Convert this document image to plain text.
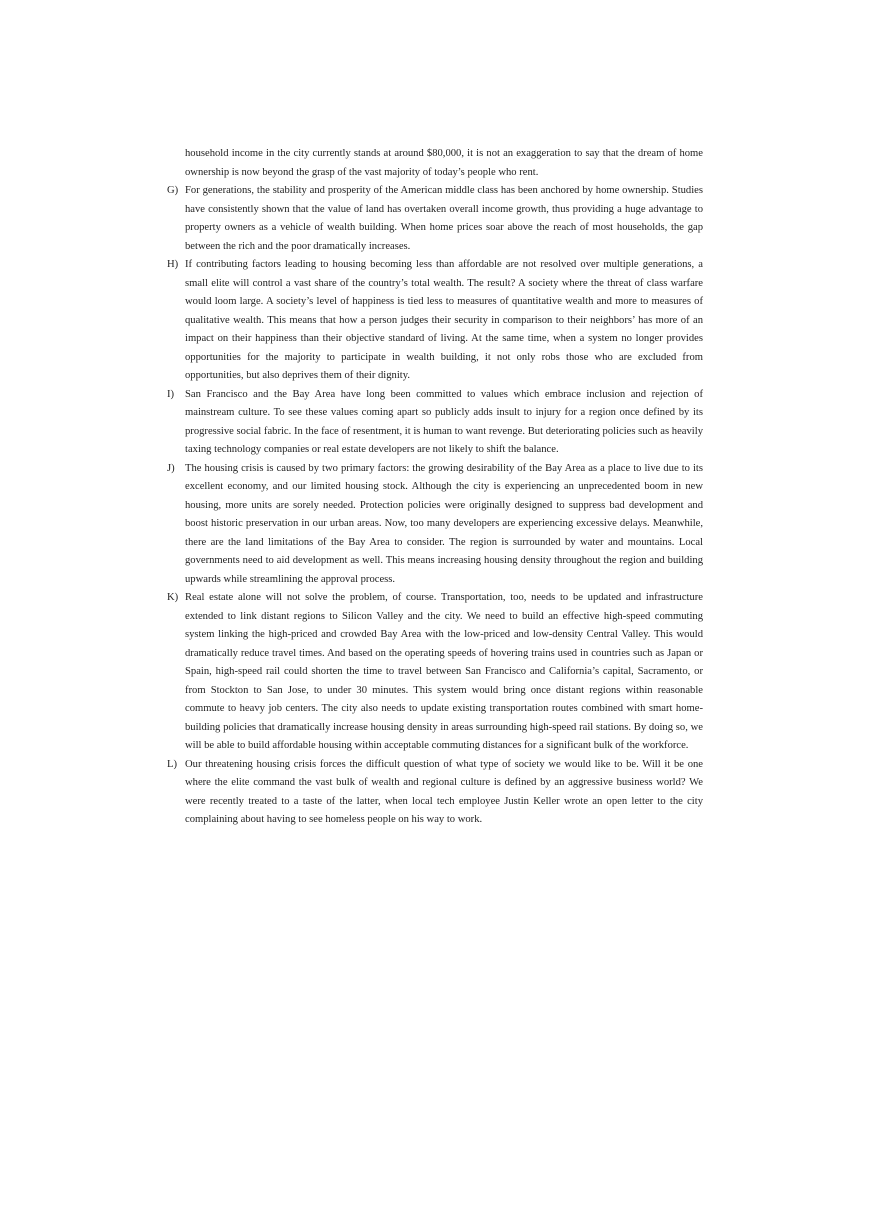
household income in the city currently stands at around $80,000, it is not an exaggeration to say that the dream of home ownership is now beyond the grasp of the vast majority of today’s people who rent.

G) For generations, the stability and prosperity of the American middle class has been anchored by home ownership. Studies have consistently shown that the value of land has overtaken overall income growth, thus providing a huge advantage to property owners as a vehicle of wealth building. When home prices soar above the reach of most households, the gap between the rich and the poor dramatically increases.

H) If contributing factors leading to housing becoming less than affordable are not resolved over multiple generations, a small elite will control a vast share of the country’s total wealth. The result? A society where the threat of class warfare would loom large. A society’s level of happiness is tied less to measures of quantitative wealth and more to measures of qualitative wealth. This means that how a person judges their security in comparison to their neighbors’ has more of an impact on their happiness than their objective standard of living. At the same time, when a system no longer provides opportunities for the majority to participate in wealth building, it not only robs those who are excluded from opportunities, but also deprives them of their dignity.

I)	San Francisco and the Bay Area have long been committed to values which embrace inclusion and rejection of mainstream culture. To see these values coming apart so publicly adds insult to injury for a region once defined by its progressive social fabric. In the face of resentment, it is human to want revenge. But deteriorating policies such as heavily taxing technology companies or real estate developers are not likely to shift the balance.

J) The housing crisis is caused by two primary factors: the growing desirability of the Bay Area as a place to live due to its excellent economy, and our limited housing stock. Although the city is experiencing an unprecedented boom in new housing, more units are sorely needed. Protection policies were originally designed to suppress bad development and boost historic preservation in our urban areas. Now, too many developers are experiencing excessive delays. Meanwhile, there are the land limitations of the Bay Area to consider. The region is surrounded by water and mountains. Local governments need to aid development as well. This means increasing housing density throughout the region and building upwards while streamlining the approval process.

K) Real estate alone will not solve the problem, of course. Transportation, too, needs to be updated and infrastructure extended to link distant regions to Silicon Valley and the city. We need to build an effective high-speed commuting system linking the high-priced and crowded Bay Area with the low-priced and low-density Central Valley. This would dramatically reduce travel times. And based on the operating speeds of hovering trains used in countries such as Japan or Spain, high-speed rail could shorten the time to travel between San Francisco and California’s capital, Sacramento, or from Stockton to San Jose, to under 30 minutes. This system would bring once distant regions within reasonable commute to heavy job centers. The city also needs to update existing transportation routes combined with smart home-building policies that dramatically increase housing density in areas surrounding high-speed rail stations. By doing so, we will be able to build affordable housing within acceptable commuting distances for a significant bulk of the workforce.

L) Our threatening housing crisis forces the difficult question of what type of society we would like to be. Will it be one where the elite command the vast bulk of wealth and regional culture is defined by an aggressive business world? We were recently treated to a taste of the latter, when local tech employee Justin Keller wrote an open letter to the city complaining about having to see homeless people on his way to work.
